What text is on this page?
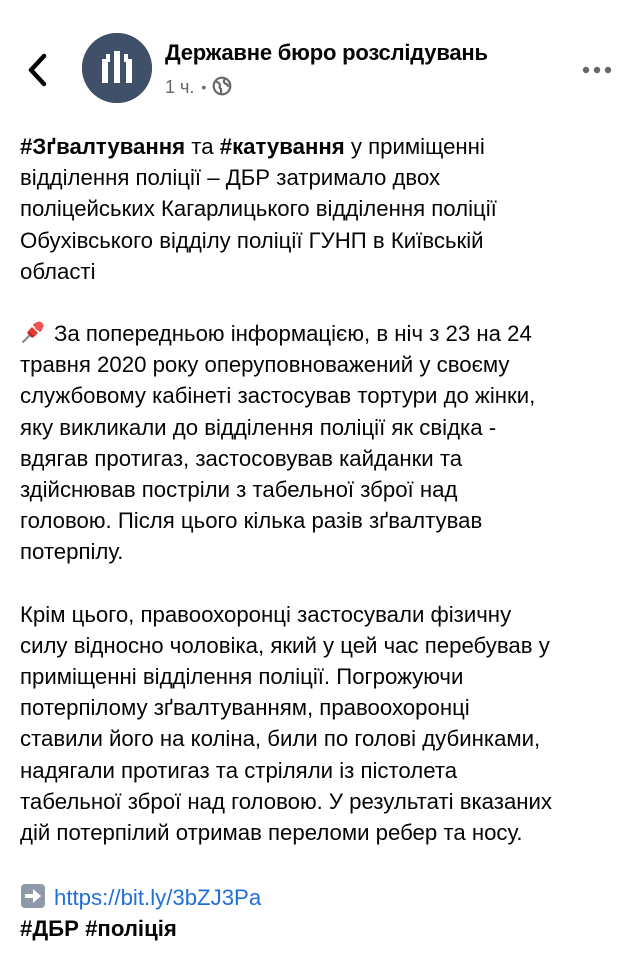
Державне бюро розслідувань
1 ч. •

#Зґвалтування та #катування у приміщенні
відділення поліції – ДБР затримало двох
поліцейських Кагарлицького відділення поліції
Обухівського відділу поліції ГУНП в Київській
області

За попередньою інформацією, в ніч з 23 на 24
травня 2020 року оперуповноважений у своєму
службовому кабінеті застосував тортури до жінки,
яку викликали до відділення поліції як свідка -
вдягав протигаз, застосовував кайданки та
здійснював постріли з табельної зброї над
головою. Після цього кілька разів зґвалтував
потерпілу.

Крім цього, правоохоронці застосували фізичну
силу відносно чоловіка, який у цей час перебував у
приміщенні відділення поліції. Погрожуючи
потерпілому зґвалтуванням, правоохоронці
ставили його на коліна, били по голові дубинками,
надягали протигаз та стріляли із пістолета
табельної зброї над головою. У результаті вказаних
дій потерпілий отримав переломи ребер та носу.

https://bit.ly/3bZJ3Pa
#ДБР #поліція
